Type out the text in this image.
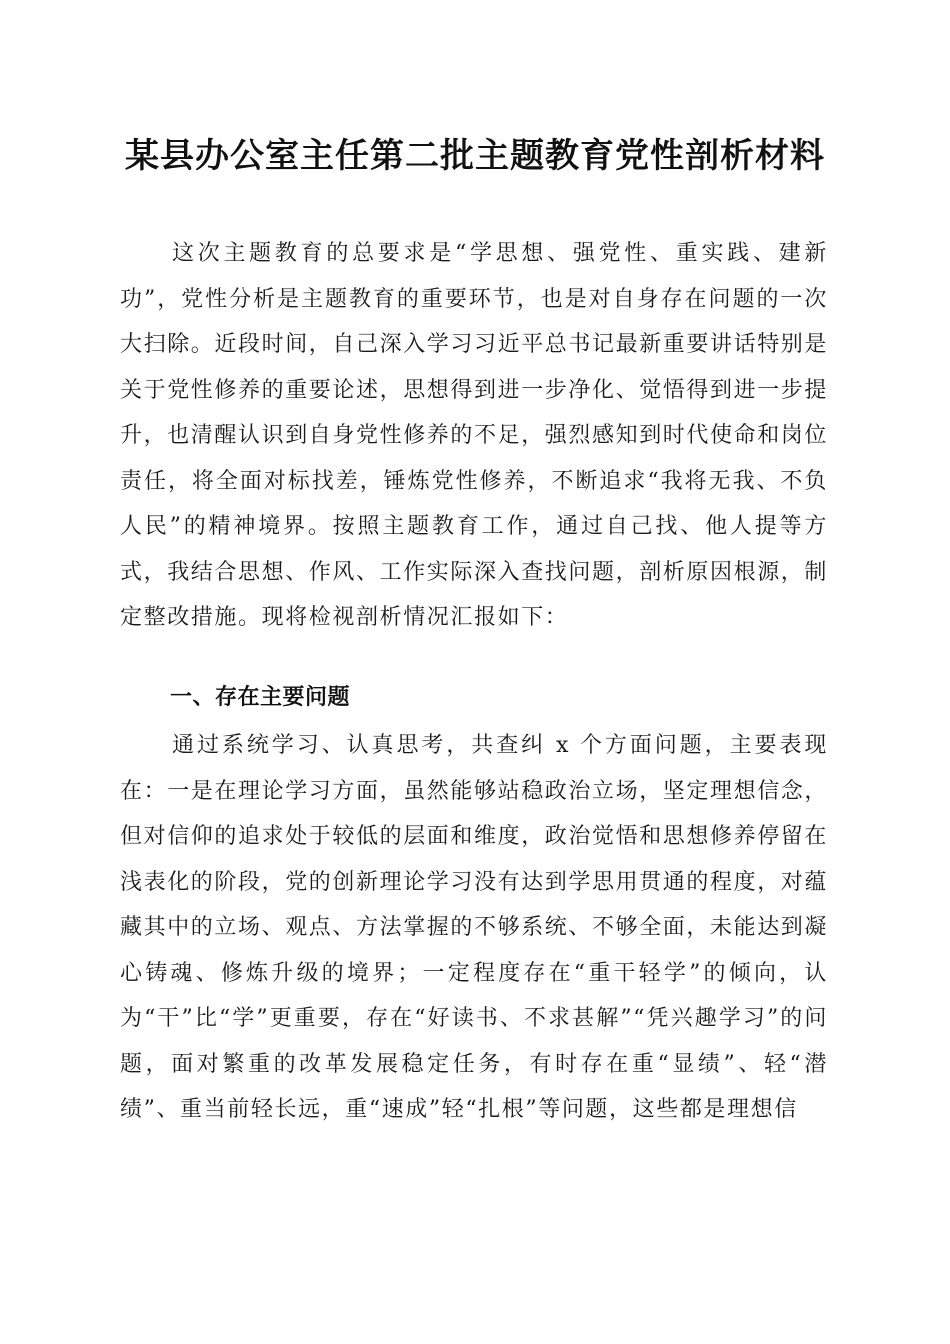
某县办公室主任第二批主题教育党性剖析材料

这次主题教育的总要求是“学思想、强党性、重实践、建新功”，党性分析是主题教育的重要环节，也是对自身存在问题的一次大扫除。近段时间，自己深入学习习近平总书记最新重要讲话特别是关于党性修养的重要论述，思想得到进一步净化、觉悟得到进一步提升，也清醒认识到自身党性修养的不足，强烈感知到时代使命和岗位责任，将全面对标找差，锤炼党性修养，不断追求“我将无我、不负人民”的精神境界。按照主题教育工作，通过自己找、他人提等方式，我结合思想、作风、工作实际深入查找问题，剖析原因根源，制定整改措施。现将检视剖析情况汇报如下：

一、存在主要问题

通过系统学习、认真思考，共查纠 x 个方面问题，主要表现在：一是在理论学习方面，虽然能够站稳政治立场，坚定理想信念，但对信仰的追求处于较低的层面和维度，政治觉悟和思想修养停留在浅表化的阶段，党的创新理论学习没有达到学思用贯通的程度，对蕴藏其中的立场、观点、方法掌握的不够系统、不够全面，未能达到凝心铸魂、修炼升级的境界；一定程度存在“重干轻学”的倾向，认为“干”比“学”更重要，存在“好读书、不求甚解”“凭兴趣学习”的问题，面对繁重的改革发展稳定任务，有时存在重“显绩”、轻“潜绩”、重当前轻长远，重“速成”轻“扎根”等问题，这些都是理想信
